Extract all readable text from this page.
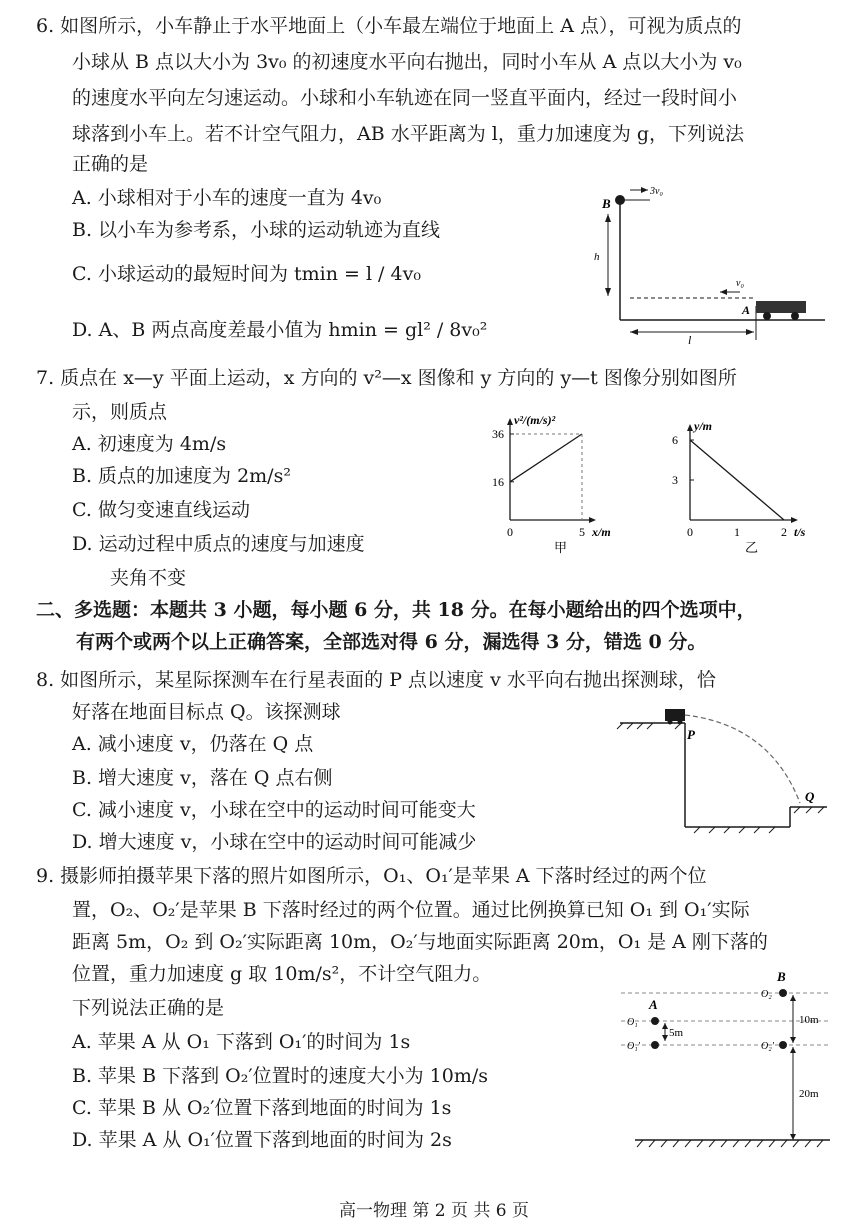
6. 如图所示，小车静止于水平地面上（小车最左端位于地面上 A 点），可视为质点的
小球从 B 点以大小为 3v₀ 的初速度水平向右抛出，同时小车从 A 点以大小为 v₀
的速度水平向左匀速运动。小球和小车轨迹在同一竖直平面内，经过一段时间小
球落到小车上。若不计空气阻力，AB 水平距离为 l，重力加速度为 g，下列说法
正确的是
A. 小球相对于小车的速度一直为 4v₀
B. 以小车为参考系，小球的运动轨迹为直线
C. 小球运动的最短时间为 tmin = l / 4v₀
D. A、B 两点高度差最小值为 hmin = gl² / 8v₀²
B
3v₀
h
v₀
A
l
7. 质点在 x—y 平面上运动，x 方向的 v²—x 图像和 y 方向的 y—t 图像分别如图所
示，则质点
A. 初速度为 4m/s
B. 质点的加速度为 2m/s²
C. 做匀变速直线运动
D. 运动过程中质点的速度与加速度
夹角不变
0	5
16
36
v²/(m/s)²
x/m
甲
0	1	2
3
6
y/m
t/s
乙
二、多选题：本题共 3 小题，每小题 6 分，共 18 分。在每小题给出的四个选项中，
有两个或两个以上正确答案，全部选对得 6 分，漏选得 3 分，错选 0 分。
8. 如图所示，某星际探测车在行星表面的 P 点以速度 v 水平向右抛出探测球，恰
好落在地面目标点 Q。该探测球
A. 减小速度 v，仍落在 Q 点
B. 增大速度 v，落在 Q 点右侧
C. 减小速度 v，小球在空中的运动时间可能变大
D. 增大速度 v，小球在空中的运动时间可能减少
P
Q
9. 摄影师拍摄苹果下落的照片如图所示，O₁、O₁′是苹果 A 下落时经过的两个位
置，O₂、O₂′是苹果 B 下落时经过的两个位置。通过比例换算已知 O₁ 到 O₁′实际
距离 5m，O₂ 到 O₂′实际距离 10m，O₂′与地面实际距离 20m，O₁ 是 A 刚下落的
位置，重力加速度 g 取 10m/s²，不计空气阻力。
下列说法正确的是
A. 苹果 A 从 O₁ 下落到 O₁′的时间为 1s
B. 苹果 B 下落到 O₂′位置时的速度大小为 10m/s
C. 苹果 B 从 O₂′位置下落到地面的时间为 1s
D. 苹果 A 从 O₁′位置下落到地面的时间为 2s
A
B
O₁
O₁′
O₂
O₂′
5m
10m
20m
高一物理 第 2 页 共 6 页
